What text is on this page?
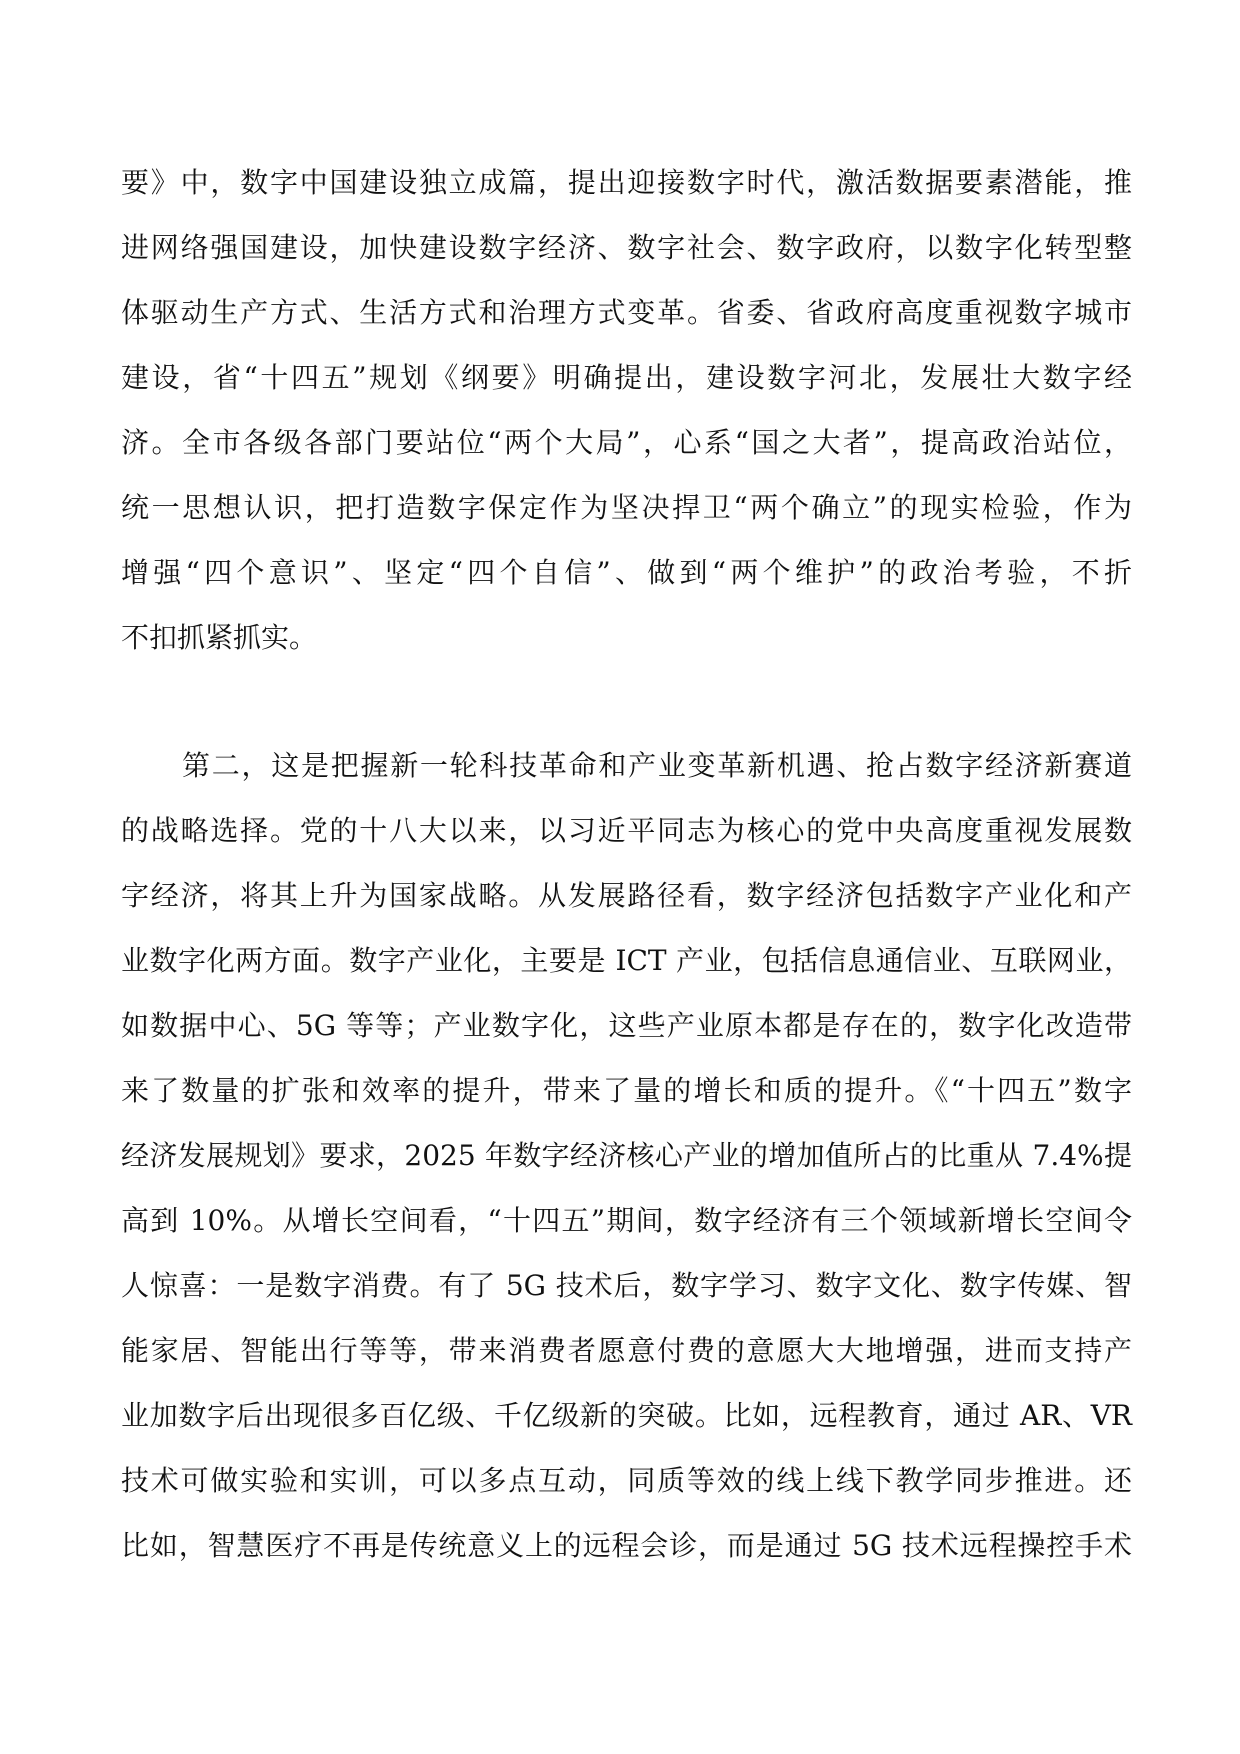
要》中，数字中国建设独立成篇，提出迎接数字时代，激活数据要素潜能，推
进网络强国建设，加快建设数字经济、数字社会、数字政府，以数字化转型整
体驱动生产方式、生活方式和治理方式变革。省委、省政府高度重视数字城市
建设，省“十四五”规划《纲要》明确提出，建设数字河北，发展壮大数字经
济。全市各级各部门要站位“两个大局”，心系“国之大者”，提高政治站位，
统一思想认识，把打造数字保定作为坚决捍卫“两个确立”的现实检验，作为
增强“四个意识”、坚定“四个自信”、做到“两个维护”的政治考验，不折
不扣抓紧抓实。
第二，这是把握新一轮科技革命和产业变革新机遇、抢占数字经济新赛道
的战略选择。党的十八大以来，以习近平同志为核心的党中央高度重视发展数
字经济，将其上升为国家战略。从发展路径看，数字经济包括数字产业化和产
业数字化两方面。数字产业化，主要是 ICT 产业，包括信息通信业、互联网业，
如数据中心、5G 等等；产业数字化，这些产业原本都是存在的，数字化改造带
来了数量的扩张和效率的提升，带来了量的增长和质的提升。《“十四五”数字
经济发展规划》要求，2025 年数字经济核心产业的增加值所占的比重从 7.4%提
高到 10%。从增长空间看，“十四五”期间，数字经济有三个领域新增长空间令
人惊喜：一是数字消费。有了 5G 技术后，数字学习、数字文化、数字传媒、智
能家居、智能出行等等，带来消费者愿意付费的意愿大大地增强，进而支持产
业加数字后出现很多百亿级、千亿级新的突破。比如，远程教育，通过 AR、VR
技术可做实验和实训，可以多点互动，同质等效的线上线下教学同步推进。还
比如，智慧医疗不再是传统意义上的远程会诊，而是通过 5G 技术远程操控手术
